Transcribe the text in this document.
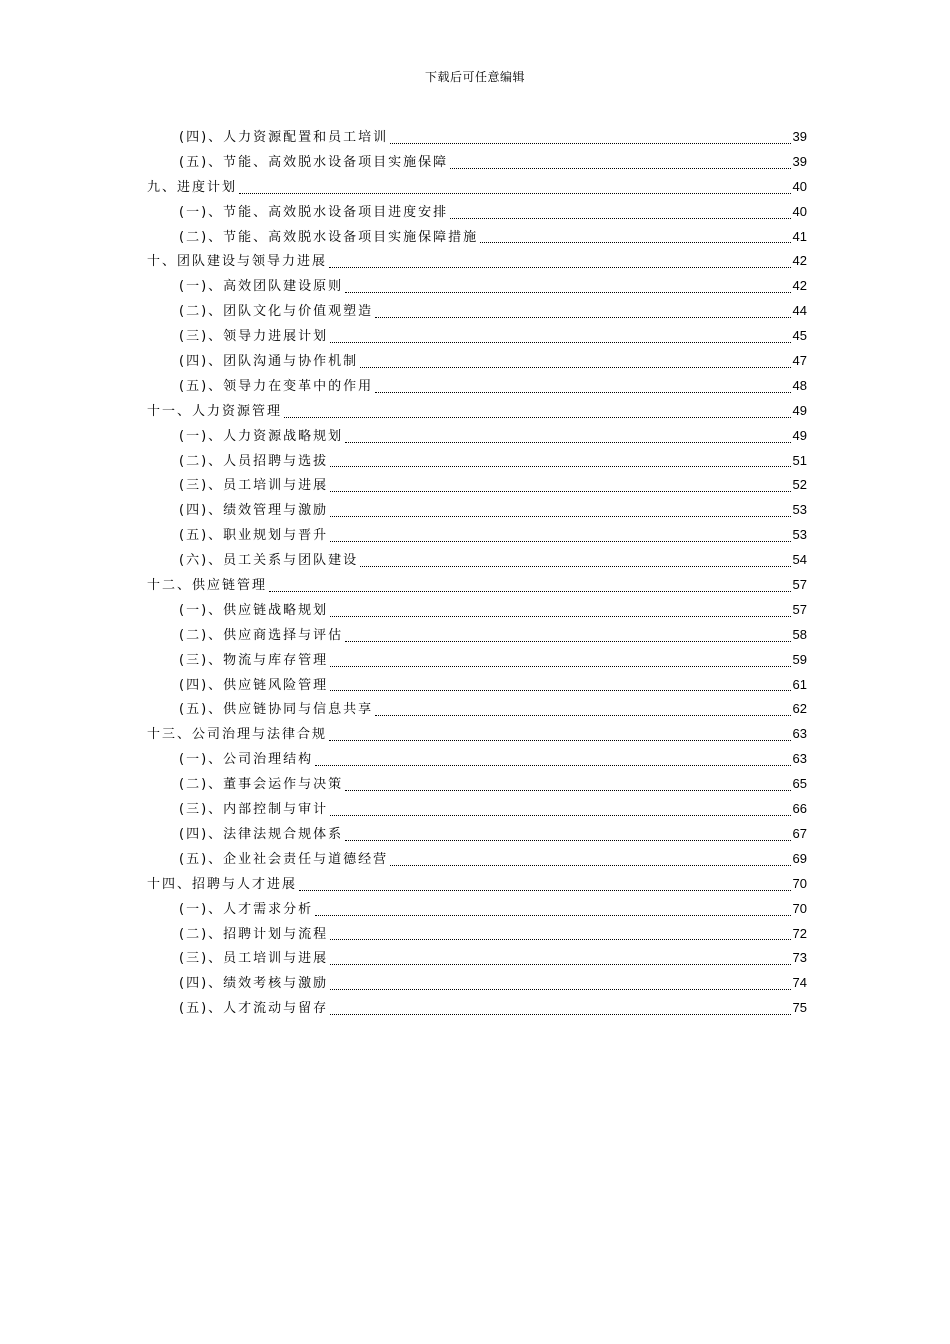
下载后可任意编辑
(四)、人力资源配置和员工培训	39
(五)、节能、高效脱水设备项目实施保障	39
九、进度计划	40
(一)、节能、高效脱水设备项目进度安排	40
(二)、节能、高效脱水设备项目实施保障措施	41
十、团队建设与领导力进展	42
(一)、高效团队建设原则	42
(二)、团队文化与价值观塑造	44
(三)、领导力进展计划	45
(四)、团队沟通与协作机制	47
(五)、领导力在变革中的作用	48
十一、人力资源管理	49
(一)、人力资源战略规划	49
(二)、人员招聘与选拔	51
(三)、员工培训与进展	52
(四)、绩效管理与激励	53
(五)、职业规划与晋升	53
(六)、员工关系与团队建设	54
十二、供应链管理	57
(一)、供应链战略规划	57
(二)、供应商选择与评估	58
(三)、物流与库存管理	59
(四)、供应链风险管理	61
(五)、供应链协同与信息共享	62
十三、公司治理与法律合规	63
(一)、公司治理结构	63
(二)、董事会运作与决策	65
(三)、内部控制与审计	66
(四)、法律法规合规体系	67
(五)、企业社会责任与道德经营	69
十四、招聘与人才进展	70
(一)、人才需求分析	70
(二)、招聘计划与流程	72
(三)、员工培训与进展	73
(四)、绩效考核与激励	74
(五)、人才流动与留存	75
